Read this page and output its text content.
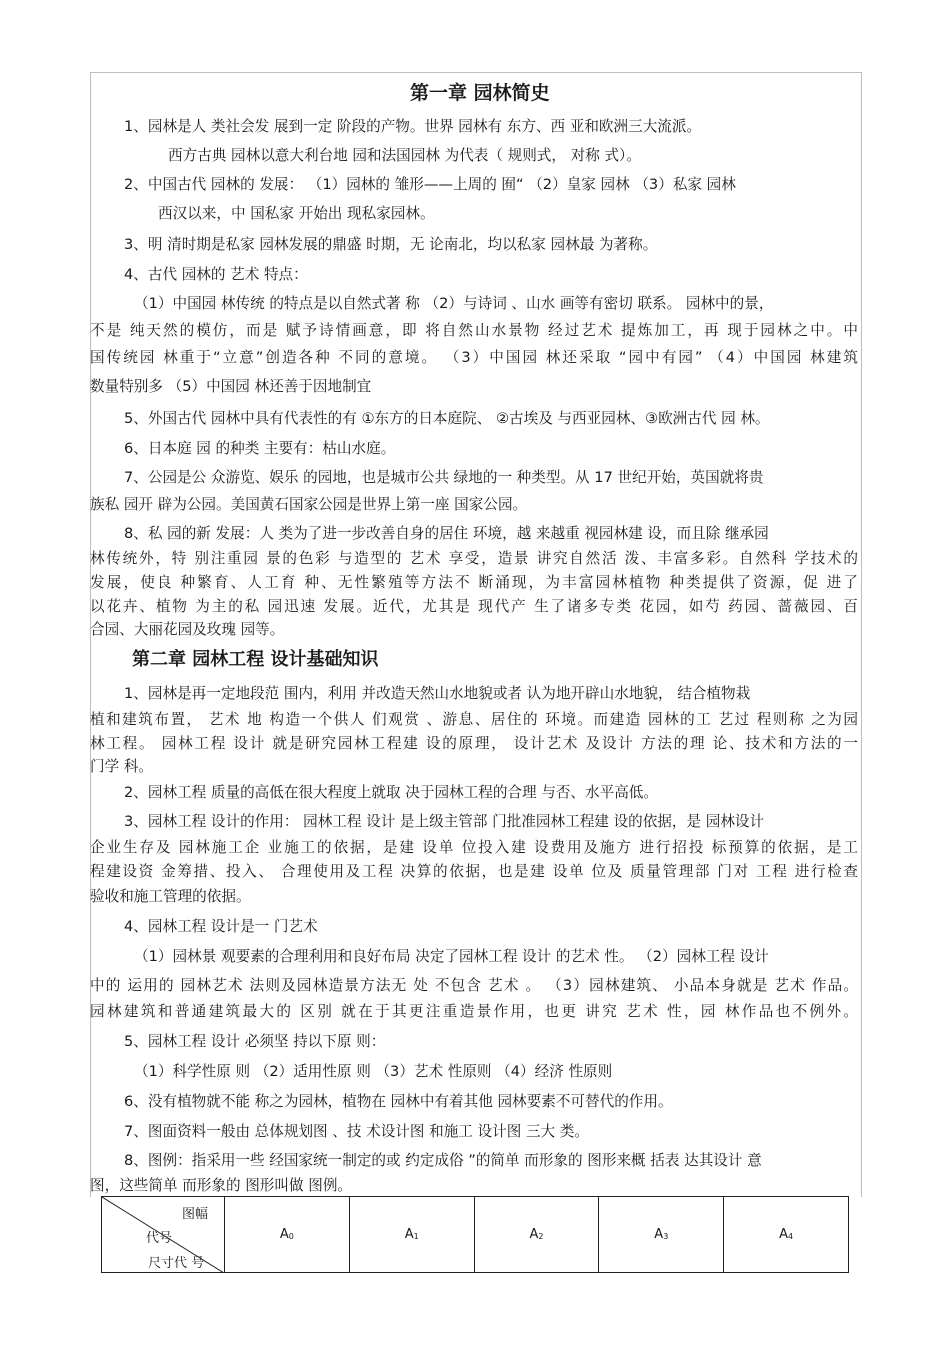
第一章 园林简史
1、园林是人 类社会发 展到一定 阶段的产物。世界 园林有 东方、西 亚和欧洲三大流派。
西方古典 园林以意大利台地 园和法国园林 为代表（ 规则式， 对称 式）。
2、中国古代 园林的 发展： （1）园林的 雏形——上周的 囿“ （2）皇家 园林 （3）私家 园林
西汉以来，中 国私家 开始出 现私家园林。
3、明 清时期是私家 园林发展的鼎盛 时期，无 论南北，均以私家 园林最 为著称。
4、古代 园林的 艺术 特点：
（1）中国园 林传统 的特点是以自然式著 称 （2）与诗词 、山水 画等有密切 联系。 园林中的景，
不是 纯天然的模仿，而是 赋予诗情画意，即 将自然山水景物 经过艺术 提炼加工，再 现于园林之中。中
国传统园 林重于“立意”创造各种 不同的意境。 （3）中国园 林还采取 “园中有园” （4）中国园 林建筑
数量特别多 （5）中国园 林还善于因地制宜
5、外国古代 园林中具有代表性的有 ①东方的日本庭院、 ②古埃及 与西亚园林、③欧洲古代 园 林。
6、日本庭 园 的种类 主要有：枯山水庭。
7、公园是公 众游览、娱乐 的园地，也是城市公共 绿地的一 种类型。从 17 世纪开始，英国就将贵
族私 园开 辟为公园。美国黄石国家公园是世界上第一座 国家公园。
8、私 园的新 发展：人 类为了进一步改善自身的居住 环境，越 来越重 视园林建 设，而且除 继承园
林传统外，特 别注重园 景的色彩 与造型的 艺术 享受，造景 讲究自然活 泼、丰富多彩。自然科 学技术的
发展，使良 种繁育、人工育 种、无性繁殖等方法不 断涌现，为丰富园林植物 种类提供了资源，促 进了
以花卉、植物 为主的私 园迅速 发展。近代，尤其是 现代产 生了诸多专类 花园，如芍 药园、蔷薇园、百
合园、大丽花园及玫瑰 园等。
第二章 园林工程 设计基础知识
1、园林是再一定地段范 围内，利用 并改造天然山水地貌或者 认为地开辟山水地貌， 结合植物栽
植和建筑布置， 艺术 地 构造一个供人 们观赏 、游息、居住的 环境。而建造 园林的工 艺过 程则称 之为园
林工程。 园林工程 设计 就是研究园林工程建 设的原理， 设计艺术 及设计 方法的理 论、技术和方法的一
门学 科。
2、园林工程 质量的高低在很大程度上就取 决于园林工程的合理 与否、水平高低。
3、园林工程 设计的作用： 园林工程 设计 是上级主管部 门批准园林工程建 设的依据，是 园林设计
企业生存及 园林施工企 业施工的依据，是建 设单 位投入建 设费用及施方 进行招投 标预算的依据，是工
程建设资 金筹措、投入、 合理使用及工程 决算的依据，也是建 设单 位及 质量管理部 门对 工程 进行检查
验收和施工管理的依据。
4、园林工程 设计是一 门艺术
（1）园林景 观要素的合理利用和良好布局 决定了园林工程 设计 的艺术 性。 （2）园林工程 设计
中的 运用的 园林艺术 法则及园林造景方法无 处 不包含 艺术 。 （3）园林建筑、 小品本身就是 艺术 作品。
园林建筑和普通建筑最大的 区别 就在于其更注重造景作用，也更 讲究 艺术 性，园 林作品也不例外。
5、园林工程 设计 必须坚 持以下原 则：
（1）科学性原 则 （2）适用性原 则 （3）艺术 性原则 （4）经济 性原则
6、没有植物就不能 称之为园林，植物在 园林中有着其他 园林要素不可替代的作用。
7、图面资料一般由 总体规划图 、技 术设计图 和施工 设计图 三大 类。
8、图例：指采用一些 经国家统一制定的或 约定成俗 ”的简单 而形象的 图形来概 括表 达其设计 意
图，这些简单 而形象的 图形叫做 图例。
图幅
代号
尺寸代 号
	$A_0$	$A_1$	$A_2$	$A_3$	$A_4$
